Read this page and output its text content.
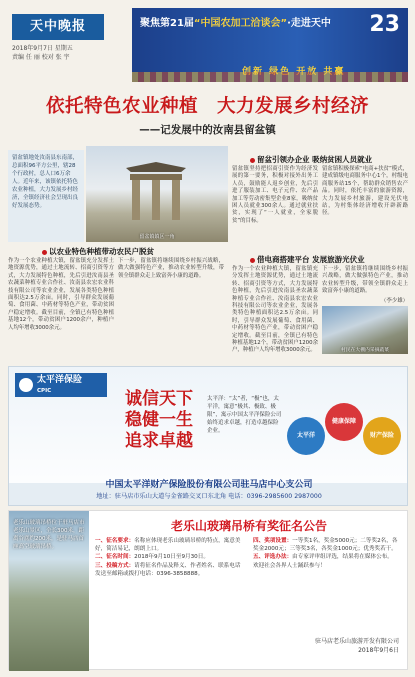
天中晚报
2018年9月7日 星期五
责编 任 丽 校对 张 宇
聚焦第21届“中国农加工洽谈会”·走进天中 23
依托特色农业种植　大力发展乡村经济
——记发展中的汝南县留盆镇
留盆镇地处汝南县东南部，总面积96平方公里，辖28个行政村，总人口6万余人。近年来，该镇依托特色农业种植，大力发展乡村经济，全镇经济社会呈现出良好发展态势。
留盆镇镇区一角
留盆引领办企业 吸纳贫困人员就业
留盆镇坚持把招商引资作为经济发展的第一要务，积极对接外出务工人员，鼓励能人返乡创业，先后引进了服装加工、电子元件、农产品加工等劳动密集型企业8家，吸纳贫困人员就业300余人。通过就业扶贫，实现了“一人就业，全家脱贫”的目标。
留盆镇积极探索“电商+扶贫”模式，建成镇级电商服务中心1个，村级电商服务站15个，帮助群众销售农产品。同时，依托丰富的旅游资源，大力发展乡村旅游，建设光伏电站，为村集体经济增收开辟新路径。
以农业特色种植带动农民户脱贫
作为一个农业种植大镇，留盆镇充分发挥土地资源优势，通过土地流转、招商引资等方式，大力发展特色种植，先后引进汝南县圣农蔬菜种植专业合作社、汝南县农宏农业科技有限公司等农业企业，发展各类特色种植面积达2.5万余亩。同时，引导群众发展葡萄、食用菌、中药材等特色产业，带动贫困户稳定增收。截至目前，全镇已有特色种植基地12个，带动贫困户1200余户，种植户人均年增收3000余元。
下一步，留盆镇将继续围绕乡村振兴战略，做大做强特色产业，推动农业转型升级，带领全镇群众走上致富奔小康的道路。
借电商搭建平台 发展旅游光伏业
作为一个农业种植大镇，留盆镇充分发挥土地资源优势，通过土地流转、招商引资等方式，大力发展特色种植，先后引进汝南县圣农蔬菜种植专业合作社、汝南县农宏农业科技有限公司等农业企业，发展各类特色种植面积达2.5万余亩。同时，引导群众发展葡萄、食用菌、中药材等特色产业，带动贫困户稳定增收。截至目前，全镇已有特色种植基地12个，带动贫困户1200余户，种植户人均年增收3000余元。
下一步，留盆镇将继续围绕乡村振兴战略，做大做强特色产业，推动农业转型升级，带领全镇群众走上致富奔小康的道路。
（李少雄）
村民在大棚内采摘蔬菜
太平洋保险
CPIC	诚信天下
稳健一生
追求卓越
太平洋：“太”者，“极”也，太平洋，寓意“极其、极致、极限”，寓示中国太平洋保险公司始终追求卓越，打造卓越保险企业。
太平洋
健康保障
财产保险
中国太平洋财产保险股份有限公司驻马店中心支公司
地址：驻马店市乐山大道与金雀路交叉口东北角 电话：0396-2985600 2987000
老乐山玻璃吊桥位于驻马店市老乐山景区，全长300米，距离谷底约200米，是驻马店首座高空玻璃吊桥。
老乐山玻璃吊桥有奖征名公告
一、征名要求：名称应体现老乐山玻璃吊桥的特点，寓意美好，简洁易记，朗朗上口。
二、征名时间：2018年9月10日至9月30日。
三、投稿方式：请将征名作品及释义、作者姓名、联系电话发送至邮箱或拨打电话：0396-3858888。
四、奖项设置：一等奖1名，奖金5000元；二等奖2名，各奖金2000元；三等奖3名，各奖金1000元；优秀奖若干。
五、评选办法：由专家评审组评选，结果将在媒体公布。
欢迎社会各界人士踊跃参与！
驻马店老乐山旅游开发有限公司
2018年9月6日
